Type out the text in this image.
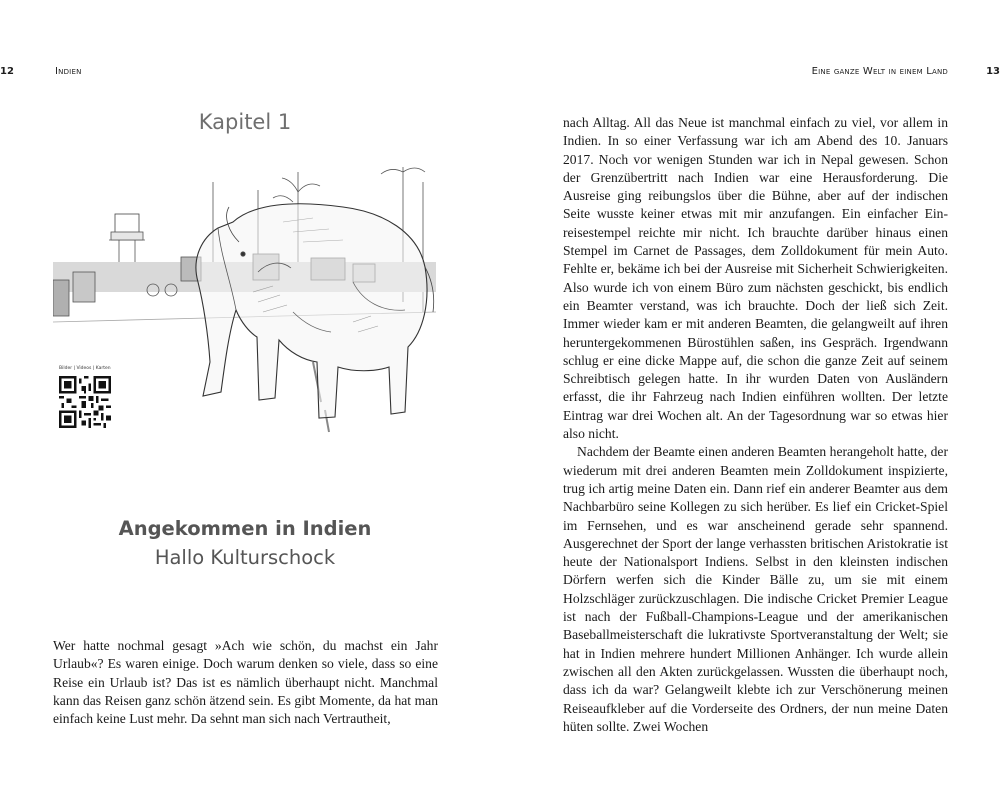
12	Indien
Kapitel 1
Bilder | Videos | Karten
Angekommen in Indien
Hallo Kulturschock

Wer hatte nochmal gesagt »Ach wie schön, du machst ein Jahr Urlaub«? Es waren einige. Doch warum denken so viele, dass so eine Reise ein Urlaub ist? Das ist es nämlich überhaupt nicht. Manchmal kann das Reisen ganz schön ätzend sein. Es gibt Momente, da hat man einfach keine Lust mehr. Da sehnt man sich nach Vertrautheit,

Eine ganze Welt in einem Land	13

nach Alltag. All das Neue ist manchmal einfach zu viel, vor allem in Indien. In so einer Verfassung war ich am Abend des 10. Januars 2017. Noch vor wenigen Stunden war ich in Nepal gewesen. Schon der Grenzübertritt nach Indien war eine Herausforderung. Die Ausreise ging reibungslos über die Bühne, aber auf der indischen Seite wusste keiner etwas mit mir anzufangen. Ein einfacher Einreisestempel reichte mir nicht. Ich brauchte darüber hinaus einen Stempel im Carnet de Passages, dem Zolldokument für mein Auto. Fehlte er, bekäme ich bei der Ausreise mit Sicherheit Schwierigkeiten. Also wurde ich von einem Büro zum nächsten geschickt, bis endlich ein Beamter verstand, was ich brauchte. Doch der ließ sich Zeit. Immer wieder kam er mit anderen Beamten, die gelangweilt auf ihren heruntergekommenen Bürostühlen saßen, ins Gespräch. Irgendwann schlug er eine dicke Mappe auf, die schon die ganze Zeit auf seinem Schreibtisch gelegen hatte. In ihr wurden Daten von Ausländern erfasst, die ihr Fahrzeug nach Indien einführen wollten. Der letzte Eintrag war drei Wochen alt. An der Tagesordnung war so etwas hier also nicht.

Nachdem der Beamte einen anderen Beamten herangeholt hatte, der wiederum mit drei anderen Beamten mein Zolldokument inspizierte, trug ich artig meine Daten ein. Dann rief ein anderer Beamter aus dem Nachbarbüro seine Kollegen zu sich herüber. Es lief ein Cricket-Spiel im Fernsehen, und es war anscheinend gerade sehr spannend. Ausgerechnet der Sport der lange verhassten britischen Aristokratie ist heute der Nationalsport Indiens. Selbst in den kleinsten indischen Dörfern werfen sich die Kinder Bälle zu, um sie mit einem Holzschläger zurückzuschlagen. Die indische Cricket Premier League ist nach der Fußball-Champions-League und der amerikanischen Baseballmeisterschaft die lukrativste Sportveranstaltung der Welt; sie hat in Indien mehrere hundert Millionen Anhänger. Ich wurde allein zwischen all den Akten zurückgelassen. Wussten die überhaupt noch, dass ich da war? Gelangweilt klebte ich zur Verschönerung meinen Reiseaufkleber auf die Vorderseite des Ordners, der nun meine Daten hüten sollte. Zwei Wochen
